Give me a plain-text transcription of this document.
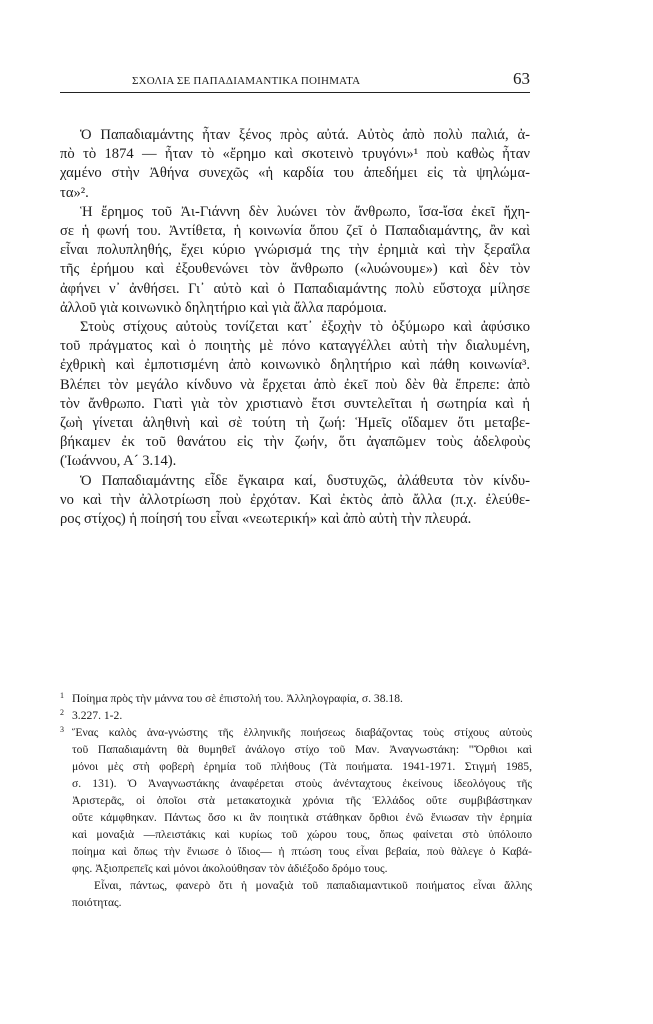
ΣΧΟΛΙΑ ΣΕ ΠΑΠΑΔΙΑΜΑΝΤΙΚΑ ΠΟΙΗΜΑΤΑ	63
Ὁ Παπαδιαμάντης ἦταν ξένος πρὸς αὐτά. Αὐτὸς ἀπὸ πολὺ παλιά, ἀ-
πὸ τὸ 1874 — ἦταν τὸ «ἔρημο καὶ σκοτεινὸ τρυγόνι»¹ ποὺ καθὼς ἦταν
χαμένο στὴν Ἀθήνα συνεχῶς «ἡ καρδία του ἀπεδήμει εἰς τὰ ψηλώμα-
τα»².
Ἡ ἔρημος τοῦ Ἀι-Γιάννη δὲν λυώνει τὸν ἄνθρωπο, ἴσα-ἴσα ἐκεῖ ἤχη-
σε ἡ φωνή του. Ἀντίθετα, ἡ κοινωνία ὅπου ζεῖ ὁ Παπαδιαμάντης, ἂν καὶ
εἶναι πολυπληθής, ἔχει κύριο γνώρισμά της τὴν ἐρημιὰ καὶ τὴν ξεραΐλα
τῆς ἐρήμου καὶ ἐξουθενώνει τὸν ἄνθρωπο («λυώνουμε») καὶ δὲν τὸν
ἀφήνει ν᾿ ἀνθήσει. Γι᾿ αὐτὸ καὶ ὁ Παπαδιαμάντης πολὺ εὔστοχα μίλησε
ἀλλοῦ γιὰ κοινωνικὸ δηλητήριο καὶ γιὰ ἄλλα παρόμοια.
Στοὺς στίχους αὐτοὺς τονίζεται κατ᾿ ἐξοχὴν τὸ ὀξύμωρο καὶ ἀφύσικο
τοῦ πράγματος καὶ ὁ ποιητὴς μὲ πόνο καταγγέλλει αὐτὴ τὴν διαλυμένη,
ἐχθρικὴ καὶ ἐμποτισμένη ἀπὸ κοινωνικὸ δηλητήριο καὶ πάθη κοινωνία³.
Βλέπει τὸν μεγάλο κίνδυνο νὰ ἔρχεται ἀπὸ ἐκεῖ ποὺ δὲν θὰ ἔπρεπε: ἀπὸ
τὸν ἄνθρωπο. Γιατὶ γιὰ τὸν χριστιανὸ ἔτσι συντελεῖται ἡ σωτηρία καὶ ἡ
ζωὴ γίνεται ἀληθινὴ καὶ σὲ τούτη τὴ ζωή: Ἡμεῖς οἴδαμεν ὅτι μεταβε-
βήκαμεν ἐκ τοῦ θανάτου εἰς τὴν ζωήν, ὅτι ἀγαπῶμεν τοὺς ἀδελφοὺς
(Ἰωάννου, Α´ 3.14).
Ὁ Παπαδιαμάντης εἶδε ἔγκαιρα καί, δυστυχῶς, ἀλάθευτα τὸν κίνδυ-
νο καὶ τὴν ἀλλοτρίωση ποὺ ἐρχόταν. Καὶ ἐκτὸς ἀπὸ ἄλλα (π.χ. ἐλεύθε-
ρος στίχος) ἡ ποίησή του εἶναι «νεωτερική» καὶ ἀπὸ αὐτὴ τὴν πλευρά.
1 Ποίημα πρὸς τὴν μάννα του σὲ ἐπιστολή του. Ἀλληλογραφία, σ. 38.18.
2 3.227. 1-2.
3 Ἕνας καλὸς ἀνα-γνώστης τῆς ἑλληνικῆς ποιήσεως διαβάζοντας τοὺς στίχους αὐτοὺς
τοῦ Παπαδιαμάντη θὰ θυμηθεῖ ἀνάλογο στίχο τοῦ Μαν. Ἀναγνωστάκη: "Ὄρθιοι καὶ
μόνοι μὲς στὴ φοβερὴ ἐρημία τοῦ πλήθους (Τὰ ποιήματα. 1941-1971. Στιγμή 1985,
σ. 131). Ὁ Ἀναγνωστάκης ἀναφέρεται στοὺς ἀνένταχτους ἐκείνους ἰδεολόγους τῆς
Ἀριστερᾶς, οἱ ὁποῖοι στὰ μετακατοχικὰ χρόνια τῆς Ἑλλάδος οὔτε συμβιβάστηκαν
οὔτε κάμφθηκαν. Πάντως ὅσο κι ἂν ποιητικὰ στάθηκαν ὄρθιοι ἐνῶ ἔνιωσαν τὴν ἐρημία
καὶ μοναξιὰ —πλειστάκις καὶ κυρίως τοῦ χώρου τους, ὅπως φαίνεται στὸ ὑπόλοιπο
ποίημα καὶ ὅπως τὴν ἔνιωσε ὁ ἴδιος— ἡ πτώση τους εἶναι βεβαία, ποὺ θὰλεγε ὁ Καβά-
φης. Ἀξιοπρεπεῖς καὶ μόνοι ἀκολούθησαν τὸν ἀδιέξοδο δρόμο τους.
Εἶναι, πάντως, φανερὸ ὅτι ἡ μοναξιὰ τοῦ παπαδιαμαντικοῦ ποιήματος εἶναι ἄλλης
ποιότητας.
